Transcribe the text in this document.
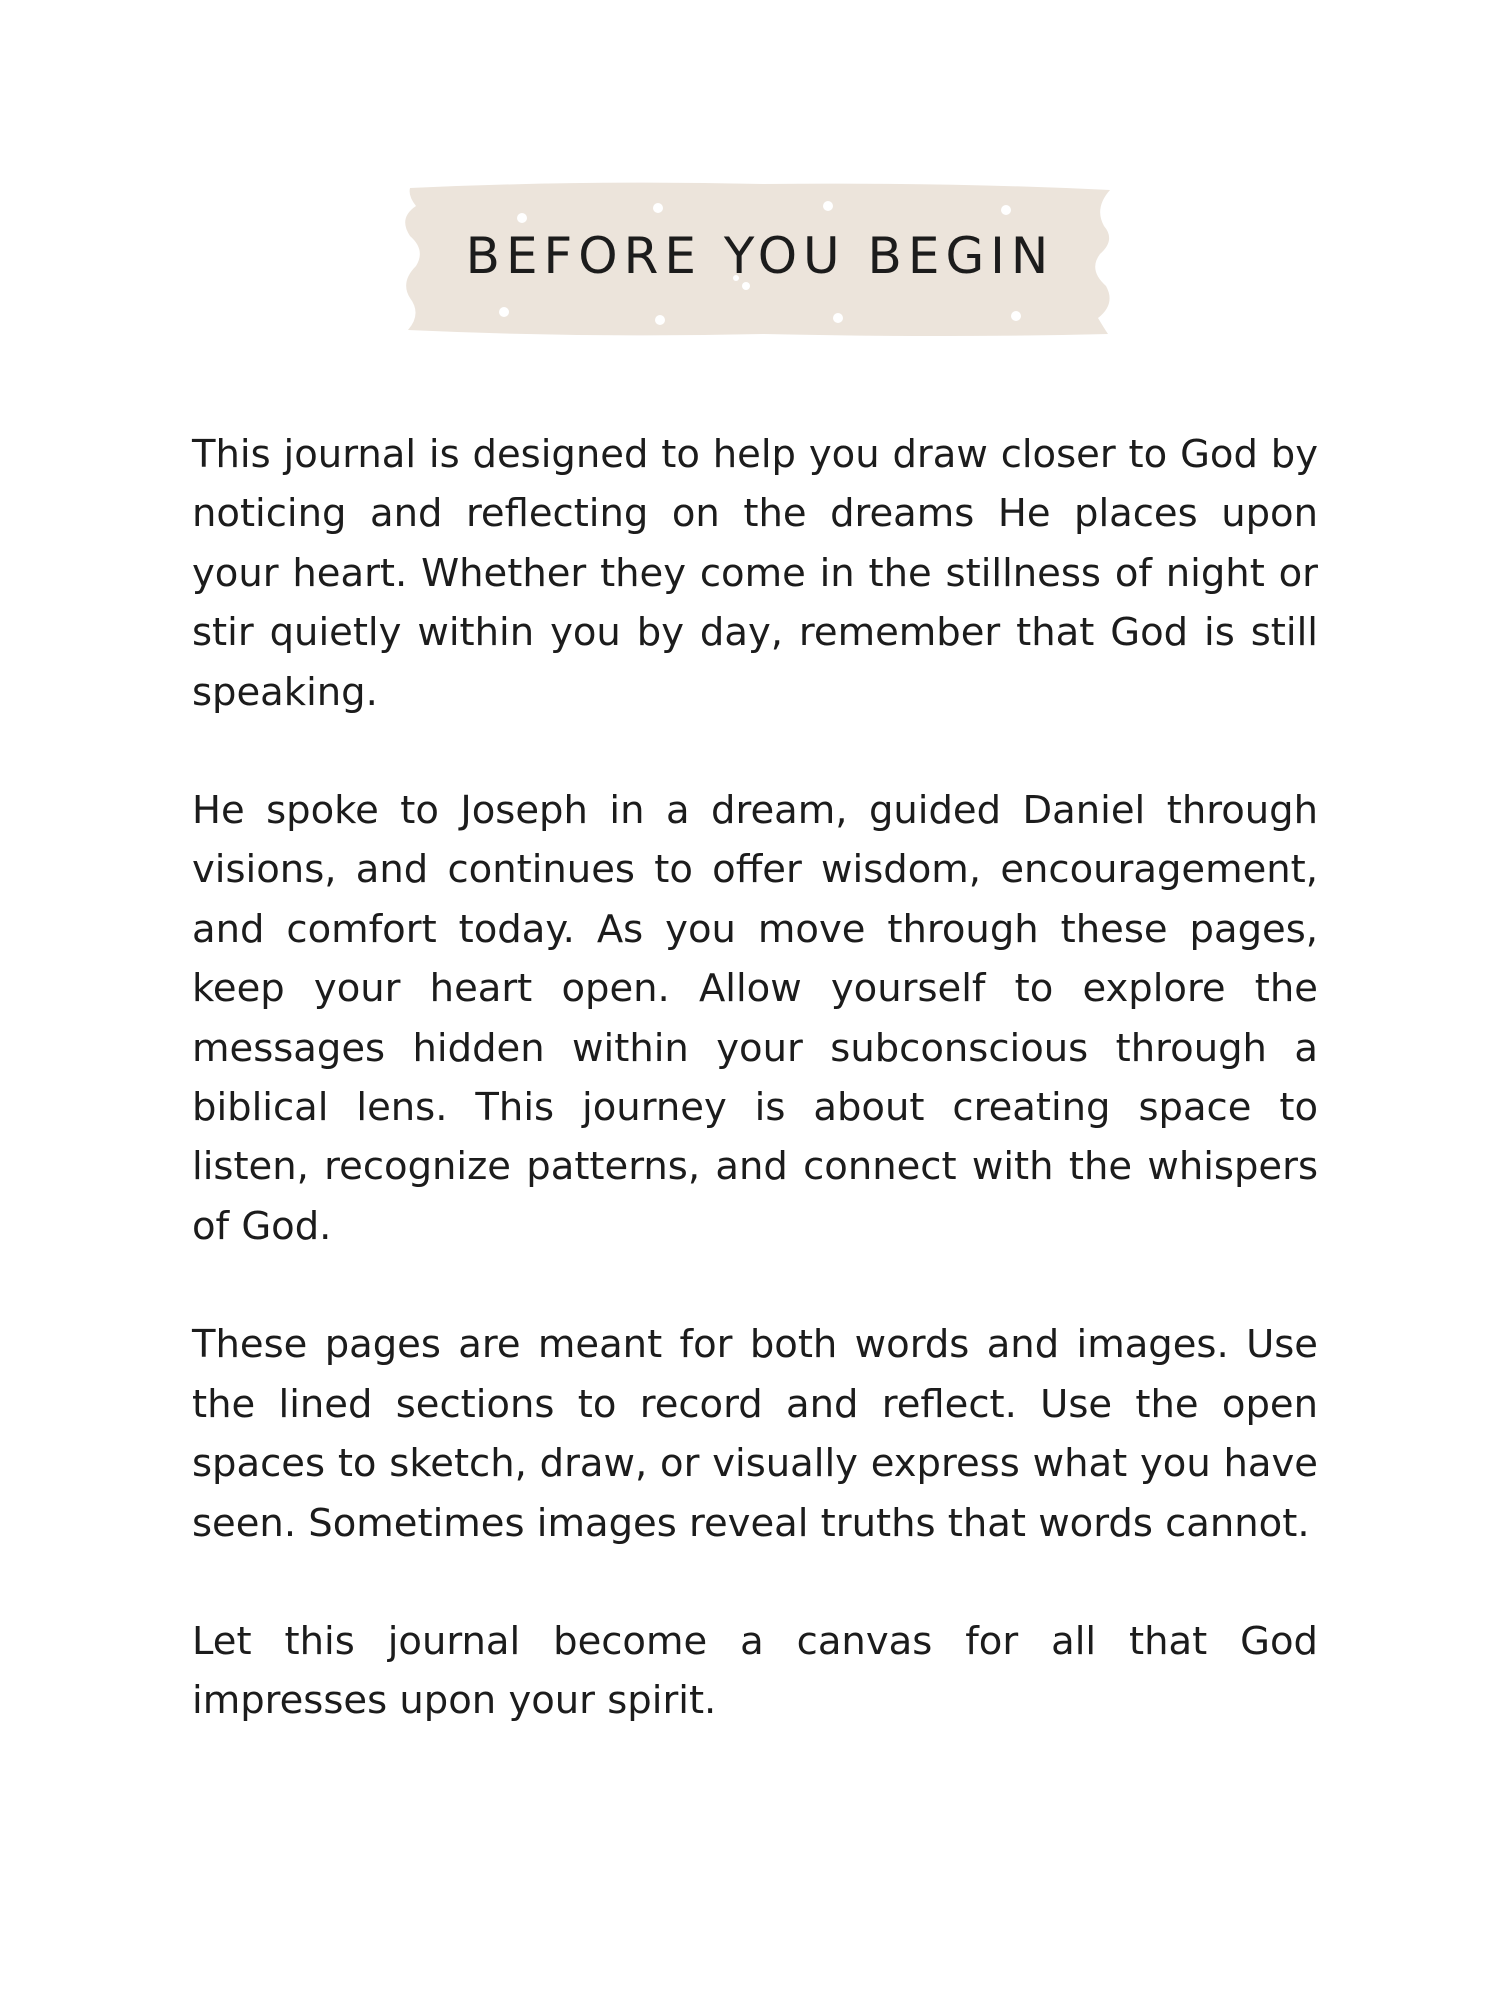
BEFORE YOU BEGIN

This journal is designed to help you draw closer to God by noticing and reflecting on the dreams He places upon your heart. Whether they come in the stillness of night or stir quietly within you by day, remember that God is still speaking.

He spoke to Joseph in a dream, guided Daniel through visions, and continues to offer wisdom, encouragement, and comfort today. As you move through these pages, keep your heart open. Allow yourself to explore the messages hidden within your subconscious through a biblical lens. This journey is about creating space to listen, recognize patterns, and connect with the whispers of God.

These pages are meant for both words and images. Use the lined sections to record and reflect. Use the open spaces to sketch, draw, or visually express what you have seen. Sometimes images reveal truths that words cannot.

Let this journal become a canvas for all that God impresses upon your spirit.
